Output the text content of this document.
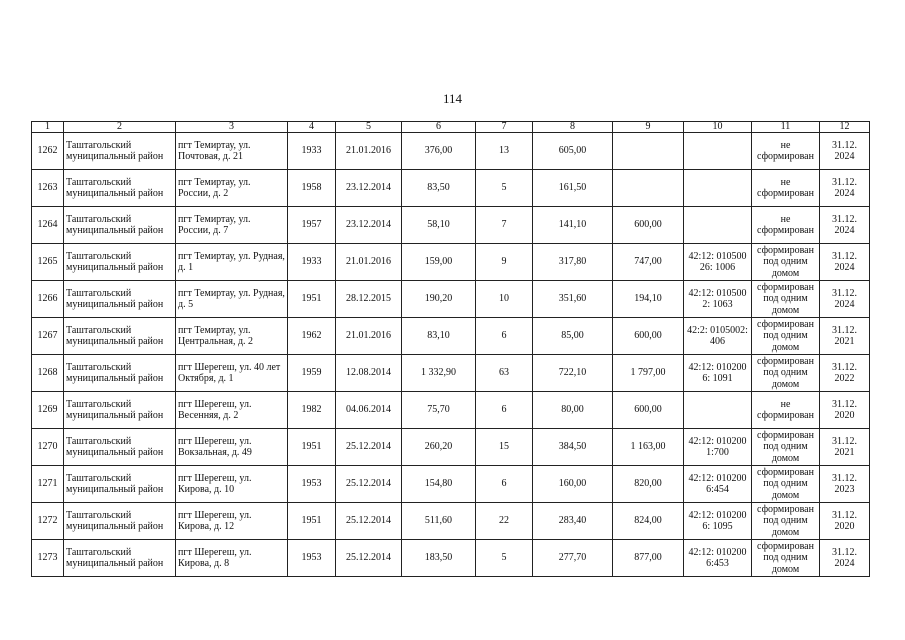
114
1	2	3	4	5	6	7	8	9	10	11	12
1262	Таштагольский муниципальный район	пгт Темиртау, ул. Почтовая, д. 21	1933	21.01.2016	376,00	13	605,00			не сформирован	31.12. 2024
1263	Таштагольский муниципальный район	пгт Темиртау, ул. России, д. 2	1958	23.12.2014	83,50	5	161,50			не сформирован	31.12. 2024
1264	Таштагольский муниципальный район	пгт Темиртау, ул. России, д. 7	1957	23.12.2014	58,10	7	141,10	600,00		не сформирован	31.12. 2024
1265	Таштагольский муниципальный район	пгт Темиртау, ул. Рудная, д. 1	1933	21.01.2016	159,00	9	317,80	747,00	42:12: 01050026: 1006	сформирован под одним домом	31.12. 2024
1266	Таштагольский муниципальный район	пгт Темиртау, ул. Рудная, д. 5	1951	28.12.2015	190,20	10	351,60	194,10	42:12: 0105002: 1063	сформирован под одним домом	31.12. 2024
1267	Таштагольский муниципальный район	пгт Темиртау, ул. Центральная, д. 2	1962	21.01.2016	83,10	6	85,00	600,00	42:2: 0105002:406	сформирован под одним домом	31.12. 2021
1268	Таштагольский муниципальный район	пгт Шерегеш, ул. 40 лет Октября, д. 1	1959	12.08.2014	1 332,90	63	722,10	1 797,00	42:12: 0102006: 1091	сформирован под одним домом	31.12. 2022
1269	Таштагольский муниципальный район	пгт Шерегеш, ул. Весенняя, д. 2	1982	04.06.2014	75,70	6	80,00	600,00		не сформирован	31.12. 2020
1270	Таштагольский муниципальный район	пгт Шерегеш, ул. Вокзальная, д. 49	1951	25.12.2014	260,20	15	384,50	1 163,00	42:12: 0102001:700	сформирован под одним домом	31.12. 2021
1271	Таштагольский муниципальный район	пгт Шерегеш, ул. Кирова, д. 10	1953	25.12.2014	154,80	6	160,00	820,00	42:12: 0102006:454	сформирован под одним домом	31.12. 2023
1272	Таштагольский муниципальный район	пгт Шерегеш, ул. Кирова, д. 12	1951	25.12.2014	511,60	22	283,40	824,00	42:12: 0102006: 1095	сформирован под одним домом	31.12. 2020
1273	Таштагольский муниципальный район	пгт Шерегеш, ул. Кирова, д. 8	1953	25.12.2014	183,50	5	277,70	877,00	42:12: 0102006:453	сформирован под одним домом	31.12. 2024
